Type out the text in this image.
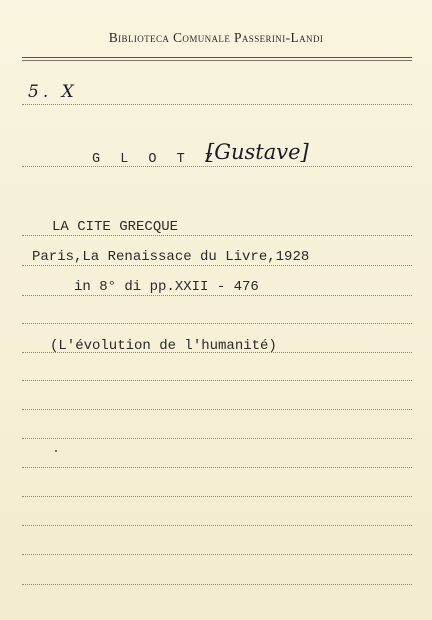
Biblioteca Comunale Passerini-Landi
5. X
G L O T Z
[Gustave]
LA CITE GRECQUE
Paris,La Renaissace du Livre,1928
in 8° di pp.XXII - 476
(L'évolution de l'humanité)
